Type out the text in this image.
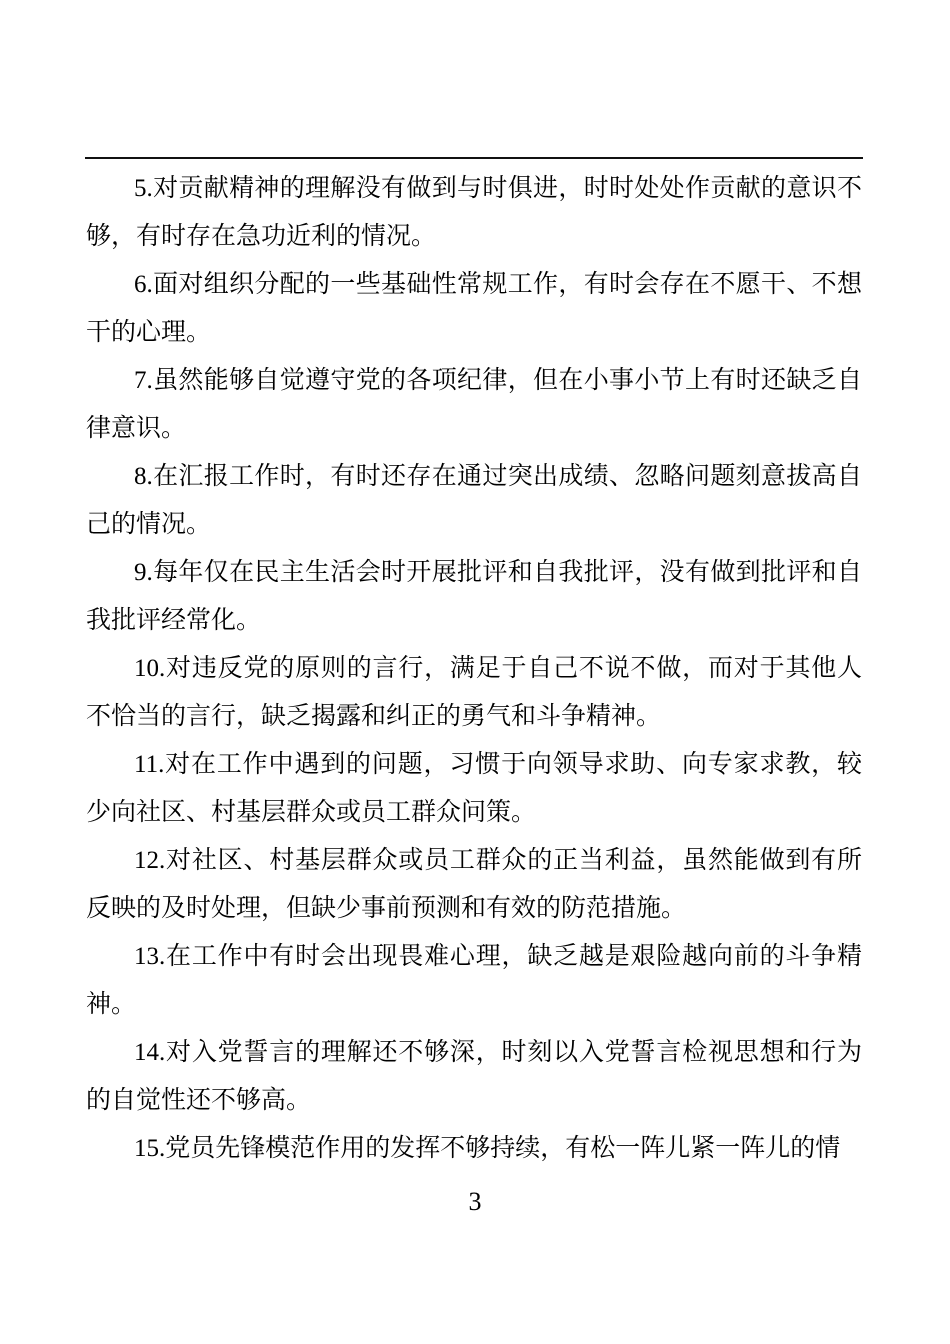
5.对贡献精神的理解没有做到与时俱进，时时处处作贡献的意识不够，有时存在急功近利的情况。

6.面对组织分配的一些基础性常规工作，有时会存在不愿干、不想干的心理。

7.虽然能够自觉遵守党的各项纪律，但在小事小节上有时还缺乏自律意识。

8.在汇报工作时，有时还存在通过突出成绩、忽略问题刻意拔高自己的情况。

9.每年仅在民主生活会时开展批评和自我批评，没有做到批评和自我批评经常化。

10.对违反党的原则的言行，满足于自己不说不做，而对于其他人不恰当的言行，缺乏揭露和纠正的勇气和斗争精神。

11.对在工作中遇到的问题，习惯于向领导求助、向专家求教，较少向社区、村基层群众或员工群众问策。

12.对社区、村基层群众或员工群众的正当利益，虽然能做到有所反映的及时处理，但缺少事前预测和有效的防范措施。

13.在工作中有时会出现畏难心理，缺乏越是艰险越向前的斗争精神。

14.对入党誓言的理解还不够深，时刻以入党誓言检视思想和行为的自觉性还不够高。

15.党员先锋模范作用的发挥不够持续，有松一阵儿紧一阵儿的情

3
